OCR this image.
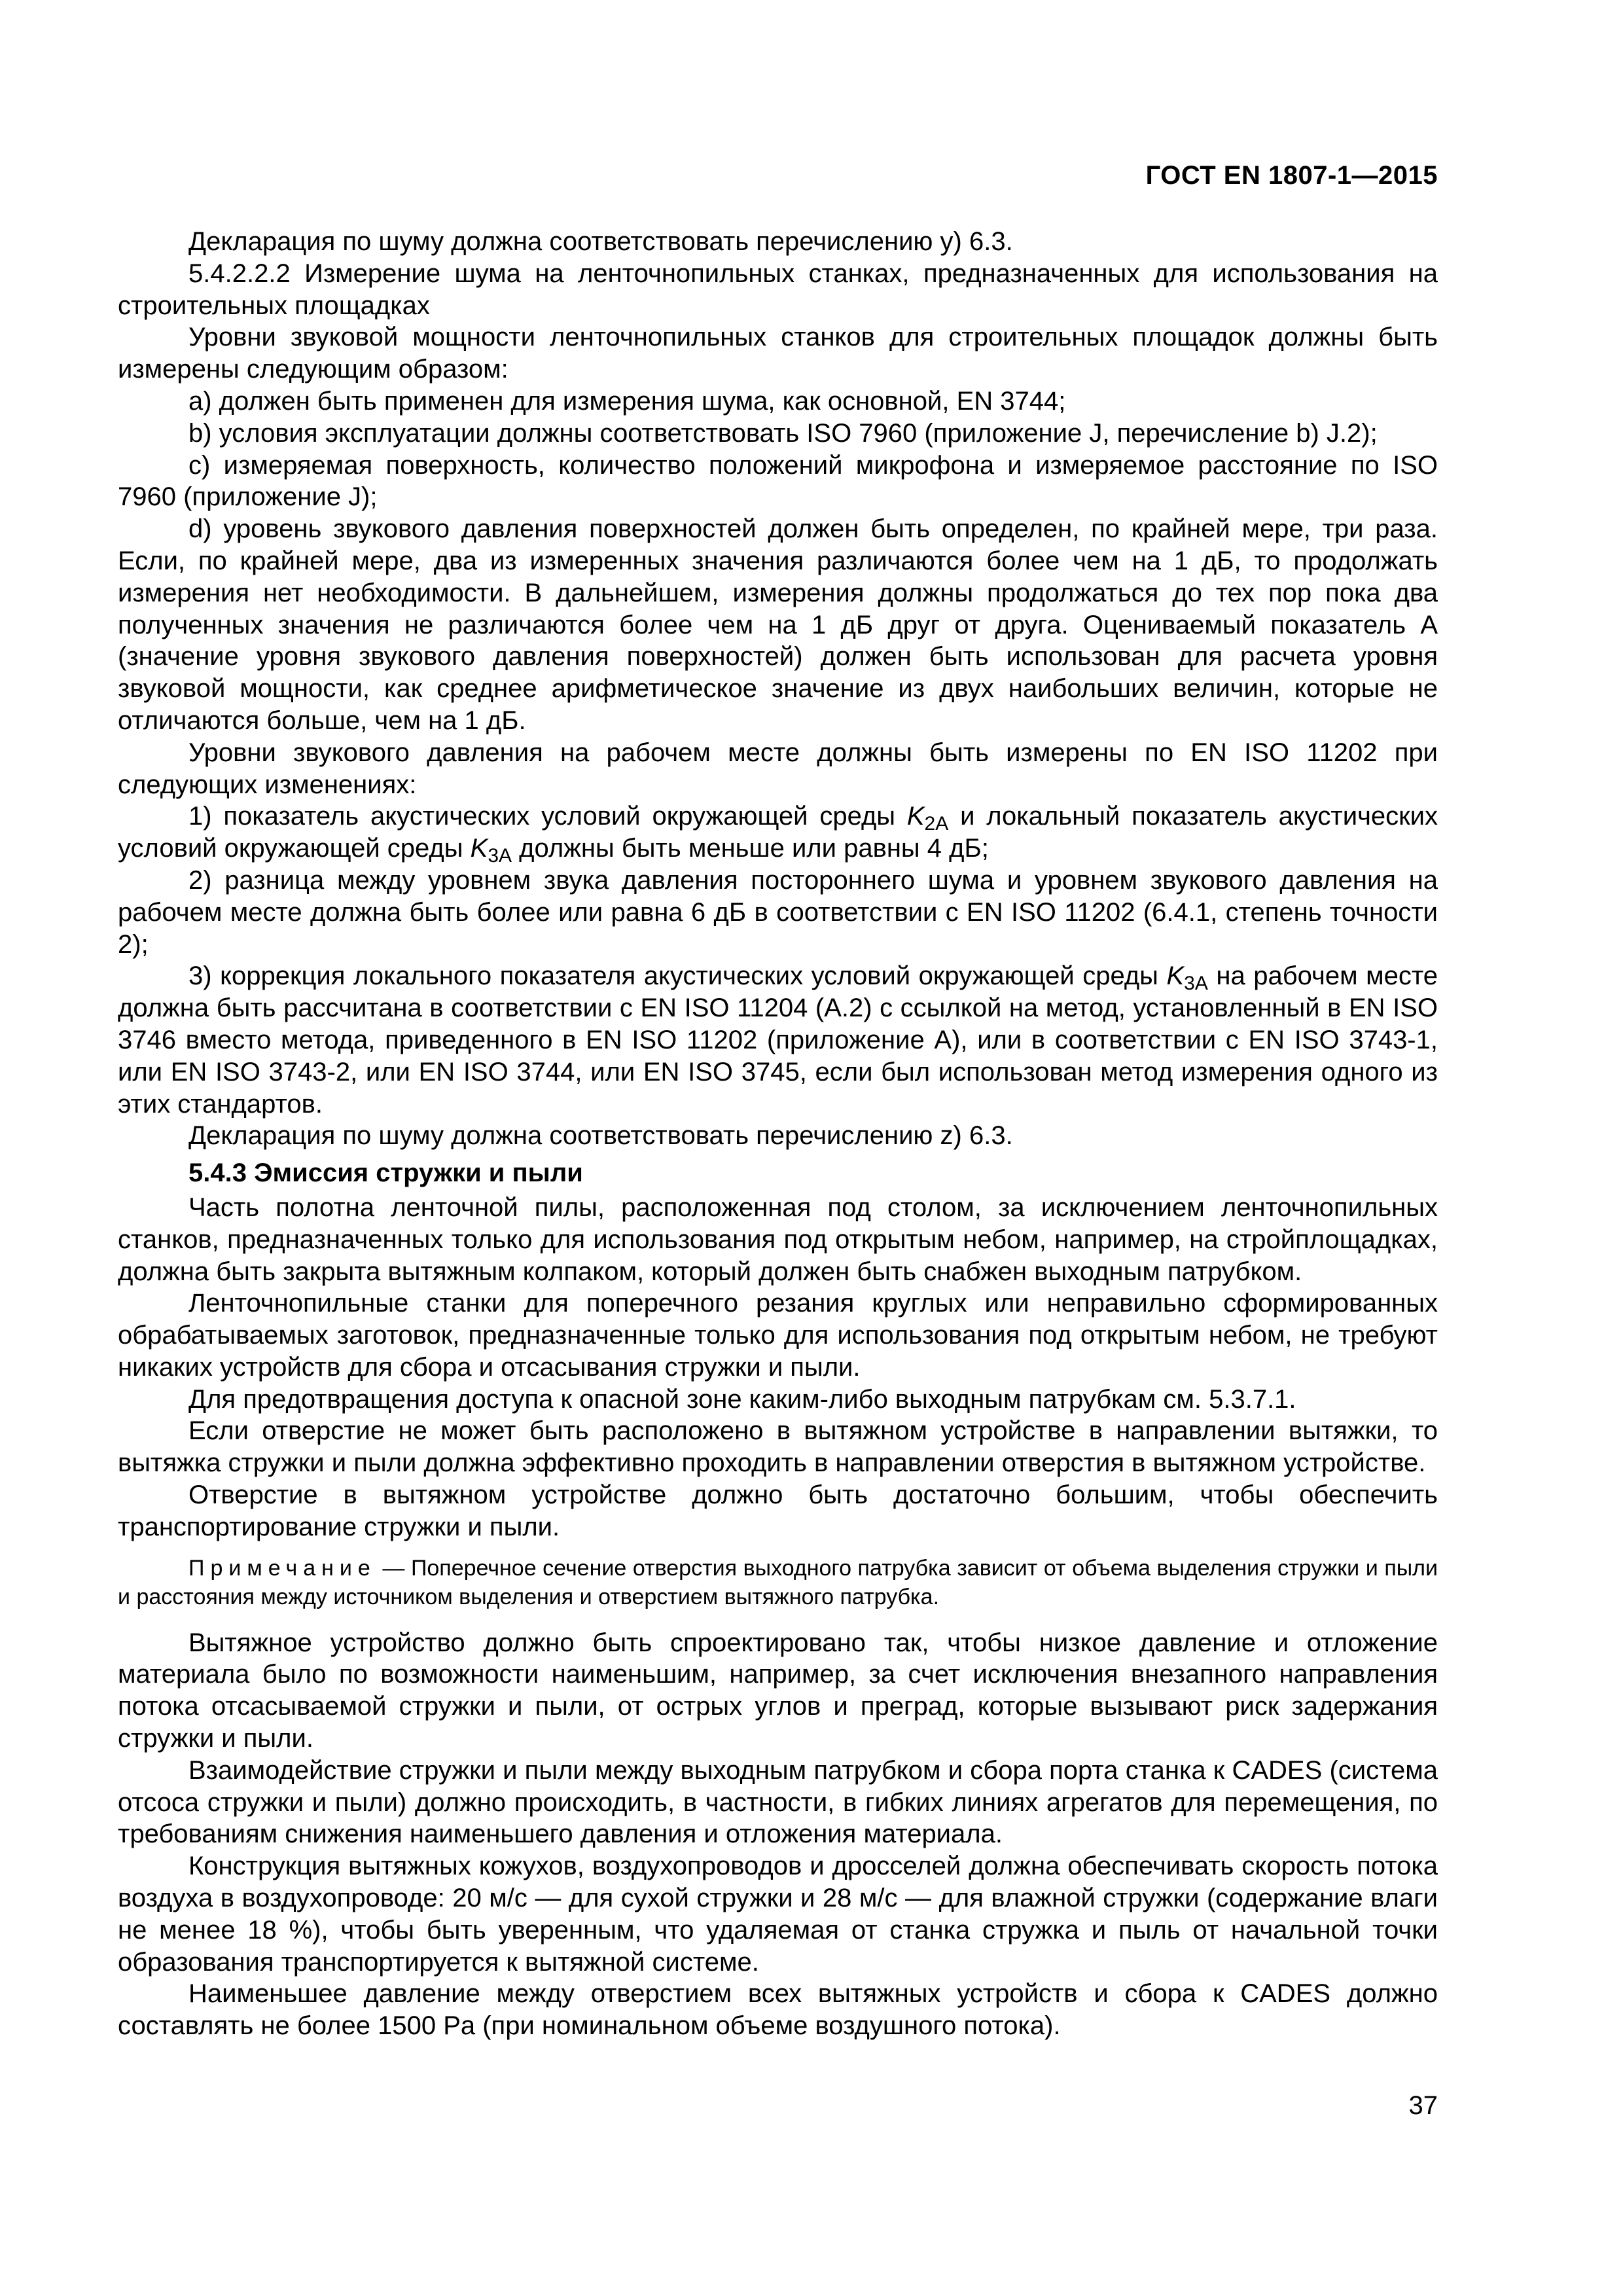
ГОСТ EN 1807-1—2015

Декларация по шуму должна соответствовать перечислению y) 6.3.

5.4.2.2.2 Измерение шума на ленточнопильных станках, предназначенных для использования на строительных площадках

Уровни звуковой мощности ленточнопильных станков для строительных площадок должны быть измерены следующим образом:

a) должен быть применен для измерения шума, как основной, EN 3744;

b) условия эксплуатации должны соответствовать ISO 7960 (приложение J, перечисление b) J.2);

c) измеряемая поверхность, количество положений микрофона и измеряемое расстояние по ISO 7960 (приложение J);

d) уровень звукового давления поверхностей должен быть определен, по крайней мере, три раза. Если, по крайней мере, два из измеренных значения различаются более чем на 1 дБ, то продолжать измерения нет необходимости. В дальнейшем, измерения должны продолжаться до тех пор пока два полученных значения не различаются более чем на 1 дБ друг от друга. Оцениваемый показатель A (значение уровня звукового давления поверхностей) должен быть использован для расчета уровня звуковой мощности, как среднее арифметическое значение из двух наибольших величин, которые не отличаются больше, чем на 1 дБ.

Уровни звукового давления на рабочем месте должны быть измерены по EN ISO 11202 при следующих изменениях:

1) показатель акустических условий окружающей среды $K_{2A}$ и локальный показатель акустических условий окружающей среды $K_{3A}$ должны быть меньше или равны 4 дБ;

2) разница между уровнем звука давления постороннего шума и уровнем звукового давления на рабочем месте должна быть более или равна 6 дБ в соответствии с EN ISO 11202 (6.4.1, степень точности 2);

3) коррекция локального показателя акустических условий окружающей среды $K_{3A}$ на рабочем месте должна быть рассчитана в соответствии с EN ISO 11204 (A.2) с ссылкой на метод, установленный в EN ISO 3746 вместо метода, приведенного в EN ISO 11202 (приложение A), или в соответствии с EN ISO 3743-1, или EN ISO 3743-2, или EN ISO 3744, или EN ISO 3745, если был использован метод измерения одного из этих стандартов.

Декларация по шуму должна соответствовать перечислению z) 6.3.

5.4.3 Эмиссия стружки и пыли

Часть полотна ленточной пилы, расположенная под столом, за исключением ленточнопильных станков, предназначенных только для использования под открытым небом, например, на стройплощадках, должна быть закрыта вытяжным колпаком, который должен быть снабжен выходным патрубком.

Ленточнопильные станки для поперечного резания круглых или неправильно сформированных обрабатываемых заготовок, предназначенные только для использования под открытым небом, не требуют никаких устройств для сбора и отсасывания стружки и пыли.

Для предотвращения доступа к опасной зоне каким-либо выходным патрубкам см. 5.3.7.1.

Если отверстие не может быть расположено в вытяжном устройстве в направлении вытяжки, то вытяжка стружки и пыли должна эффективно проходить в направлении отверстия в вытяжном устройстве.

Отверстие в вытяжном устройстве должно быть достаточно большим, чтобы обеспечить транспортирование стружки и пыли.

Примечание — Поперечное сечение отверстия выходного патрубка зависит от объема выделения стружки и пыли и расстояния между источником выделения и отверстием вытяжного патрубка.

Вытяжное устройство должно быть спроектировано так, чтобы низкое давление и отложение материала было по возможности наименьшим, например, за счет исключения внезапного направления потока отсасываемой стружки и пыли, от острых углов и преград, которые вызывают риск задержания стружки и пыли.

Взаимодействие стружки и пыли между выходным патрубком и сбора порта станка к CADES (система отсоса стружки и пыли) должно происходить, в частности, в гибких линиях агрегатов для перемещения, по требованиям снижения наименьшего давления и отложения материала.

Конструкция вытяжных кожухов, воздухопроводов и дросселей должна обеспечивать скорость потока воздуха в воздухопроводе: 20 м/с — для сухой стружки и 28 м/с — для влажной стружки (содержание влаги не менее 18 %), чтобы быть уверенным, что удаляемая от станка стружка и пыль от начальной точки образования транспортируется к вытяжной системе.

Наименьшее давление между отверстием всех вытяжных устройств и сбора к CADES должно составлять не более 1500 Pa (при номинальном объеме воздушного потока).

37
